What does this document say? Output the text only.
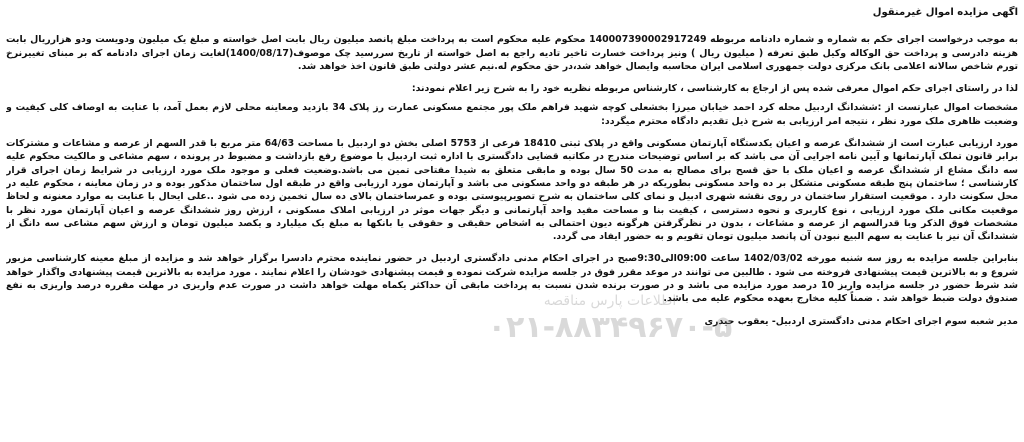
اگهی مزایده اموال غیرمنقول

به موجب درخواست اجرای حکم به شماره و شماره دادنامه مربوطه 140007390002917249 محکوم علیه محکوم است به پرداخت مبلغ پانصد میلیون ریال بابت اصل خواسته و مبلغ یک میلیون ودویست ودو هزارریال بابت هزینه دادرسی و پرداخت حق الوکاله وکیل طبق تعرفه ( میلیون ریال ) ونیز پرداخت خسارت تاخیر تادیه راجع به اصل خواسته از تاریخ سررسید چک موصوف(1400/08/17)لغایت زمان اجرای دادنامه که بر مبنای تغییرنرخ تورم شاخص سالانه اعلامی بانک مرکزی دولت جمهوری اسلامی ایران محاسبه وایصال خواهد شد،در حق محکوم له.نیم عشر دولتی طبق قانون اخذ خواهد شد.

لذا در راستای اجرای حکم اموال معرفی شده پس از ارجاع به کارشناسی ، کارشناس مربوطه نظریه خود را به شرح زیر اعلام نمودند:

مشخصات اموال عبارتست از :ششدانگ اردبیل محله کرد احمد خیابان میرزا بخشعلی کوچه شهید فراهم ملک پور مجتمع مسکونی عمارت رز پلاک 34 بازدید ومعاینه محلی لازم بعمل آمد، با عنایت به اوصاف کلی کیفیت و وضعیت ظاهری ملک مورد نظر ، نتیجه امر ارزیابی به شرح ذیل تقدیم دادگاه محترم میگردد:

مورد ارزیابی عبارت است از ششدانگ عرصه و اعیان یکدستگاه آپارتمان مسکونی واقع در پلاک ثبتی 18410 فرعی از 5753 اصلی بخش دو اردبیل با مساحت 64/63 متر مربع با قدر السهم از عرصه و مشاعات و مشترکات برابر قانون تملک آپارتمانها و آیین نامه اجرایی آن می باشد که بر اساس توضیحات مندرج در مکاتبه قضایی دادگستری با اداره ثبت اردبیل با موضوع رفع بازداشت و مضبوط در پرونده ، سهم مشاعی و مالکیت محکوم علیه سه دانگ مشاع از ششدانگ عرصه و اعیان ملک با حق قسح برای مصالح به مدت 50 سال بوده و مابقی متعلق به شیدا مفتاحی تمین می باشد.وضعیت فعلی و موجود ملک مورد ارزیابی در شرایط زمان اجرای قرار کارشناسی ؛ ساختمان پنج طبقه مسکونی متشکل بر ده واحد مسکونی بطوریکه در هر طبقه دو واحد مسکونی می باشد و آپارتمان مورد ارزیابی واقع در طبقه اول ساختمان مذکور بوده و در زمان معاینه ، محکوم علیه در محل سکونت دارد . موقعیت استقرار ساختمان در روی نقشه شهری ادبیل و نمای کلی ساختمان به شرح تصویرپیوستی بوده و عمرساختمان بالای ده سال تخمین زده می شود ..علی ایحال با عنایت به موارد معنونه و لحاظ موقعیت مکانی ملک مورد ارزیابی ، نوع کاربری و نحوه دسترسی ، کیفیت بنا و مساحت مفید واحد آپارتمانی و دیگر جهات موثر در ارزیابی املاک مسکونی ، ارزش روز ششدانگ عرصه و اعیان آپارتمان مورد نظر با مشخصات فوق الذکر وبا قدرالسهم از عرصه و مشاعات ، بدون در نظرگرفتن هرگونه دیون احتمالی به اشخاص حقیقی و حقوقی یا بانکها به مبلغ یک میلیارد و یکصد میلیون تومان و ارزش سهم مشاعی سه دانگ از ششدانگ آن نیز با عنایت به سهم البیع نبودن آن پانصد میلیون تومان تقویم و به حضور ایفاد می گردد.

بنابراین جلسه مزایده به روز سه شنبه مورخه 1402/03/02 ساعت 09:00الی9:30صبح در اجرای احکام مدنی دادگستری اردبیل در حضور نماینده محترم دادسرا برگزار خواهد شد و مزایده از مبلغ معینه کارشناسی مزبور شروع و به بالاترین قیمت پیشنهادی فروخته می شود . طالبین می توانند در موعد مقرر فوق در جلسه مزایده شرکت نموده و قیمت پیشنهادی خودشان را اعلام نمایند . مورد مزایده به بالاترین قیمت پیشنهادی واگذار خواهد شد شرط حضور در جلسه مزایده واریز 10 درصد مورد مزایده می باشد و در صورت برنده شدن نسبت به پرداخت مابقی آن حداکثر یکماه مهلت خواهد داشت در صورت عدم واریزی در مهلت مقرره درصد واریزی به نفع صندوق دولت ضبط خواهد شد . ضمناً کلیه مخارج بعهده محکوم علیه می باشد.

مدیر شعبه سوم اجرای احکام مدنی دادگستری اردبیل- یعقوب حیدری
اطلاعات پارس مناقصه
۰۲۱-۸۸۳۴۹۶۷۰-۵
